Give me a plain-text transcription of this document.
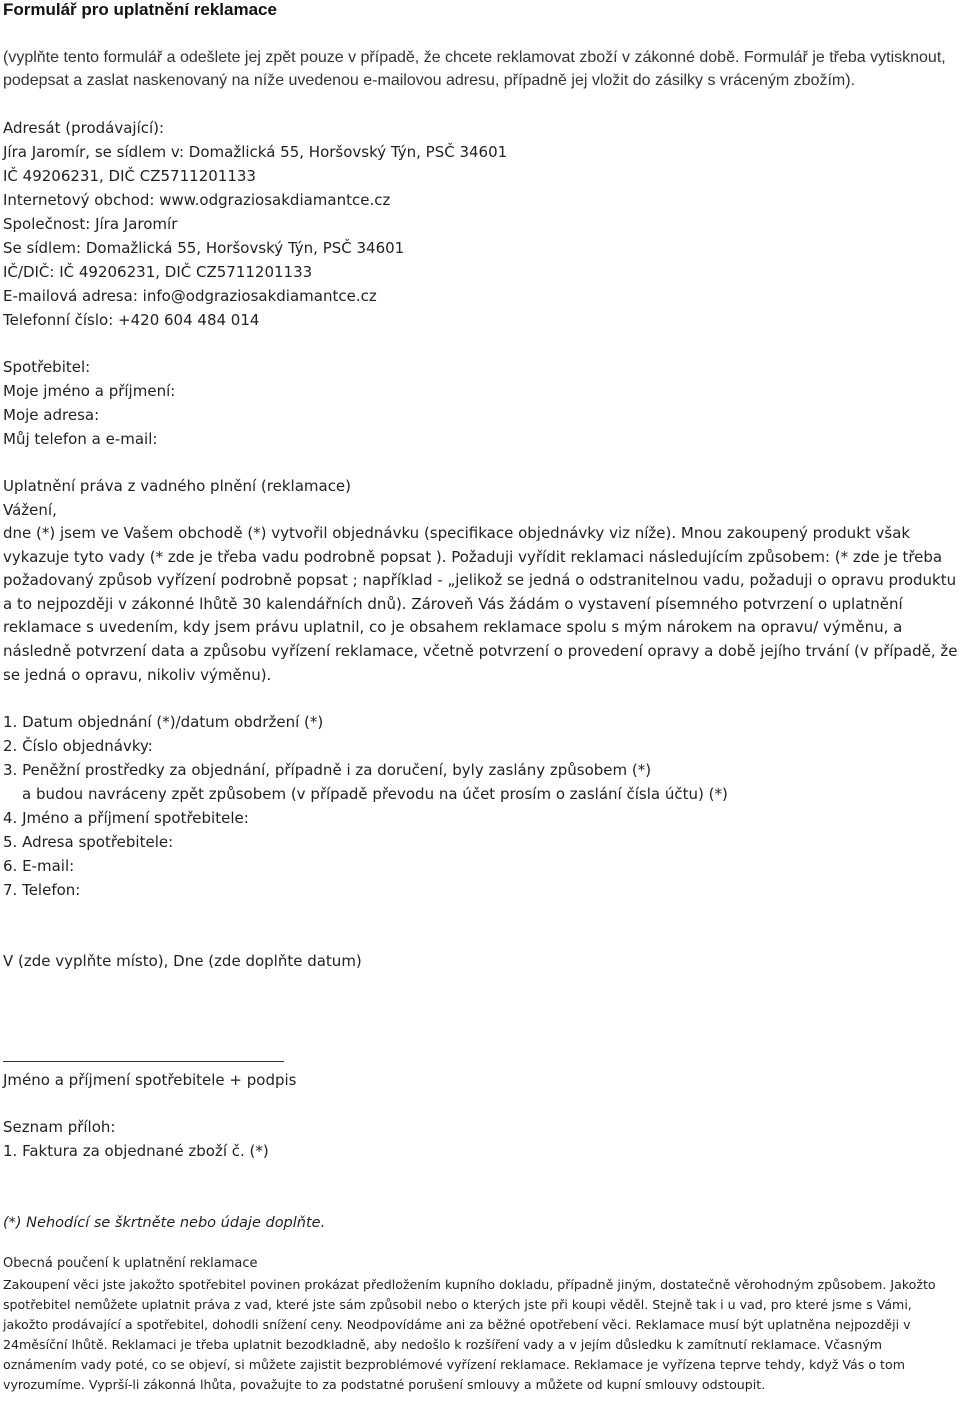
Formulář pro uplatnění reklamace

(vyplňte tento formulář a odešlete jej zpět pouze v případě, že chcete reklamovat zboží v zákonné době. Formulář je třeba vytisknout, podepsat a zaslat naskenovaný na níže uvedenou e-mailovou adresu, případně jej vložit do zásilky s vráceným zbožím).

Adresát (prodávající):
Jíra Jaromír, se sídlem v: Domažlická 55, Horšovský Týn, PSČ 34601
IČ 49206231, DIČ CZ5711201133
Internetový obchod: www.odgraziosakdiamantce.cz
Společnost: Jíra Jaromír
Se sídlem: Domažlická 55, Horšovský Týn, PSČ 34601
IČ/DIČ: IČ 49206231, DIČ CZ5711201133
E-mailová adresa: info@odgraziosakdiamantce.cz
Telefonní číslo: +420 604 484 014
Spotřebitel:
Moje jméno a příjmení:
Moje adresa:
Můj telefon a e-mail:
Uplatnění práva z vadného plnění (reklamace)
Vážení,

dne (*) jsem ve Vašem obchodě (*) vytvořil objednávku (specifikace objednávky viz níže). Mnou zakoupený produkt však vykazuje tyto vady (* zde je třeba vadu podrobně popsat ). Požaduji vyřídit reklamaci následujícím způsobem: (* zde je třeba požadovaný způsob vyřízení podrobně popsat ; například - „jelikož se jedná o odstranitelnou vadu, požaduji o opravu produktu a to nejpozději v zákonné lhůtě 30 kalendářních dnů). Zároveň Vás žádám o vystavení písemného potvrzení o uplatnění reklamace s uvedením, kdy jsem právu uplatnil, co je obsahem reklamace spolu s mým nárokem na opravu/ výměnu, a následně potvrzení data a způsobu vyřízení reklamace, včetně potvrzení o provedení opravy a době jejího trvání (v případě, že se jedná o opravu, nikoliv výměnu).

1. Datum objednání (*)/datum obdržení (*)
2. Číslo objednávky:
3. Peněžní prostředky za objednání, případně i za doručení, byly zaslány způsobem (*)
a budou navráceny zpět způsobem (v případě převodu na účet prosím o zaslání čísla účtu) (*)
4. Jméno a příjmení spotřebitele:
5. Adresa spotřebitele:
6. E-mail:
7. Telefon:
V (zde vyplňte místo), Dne (zde doplňte datum)
Jméno a příjmení spotřebitele + podpis
Seznam příloh:
1. Faktura za objednané zboží č. (*)
(*) Nehodící se škrtněte nebo údaje doplňte.
Obecná poučení k uplatnění reklamace

Zakoupení věci jste jakožto spotřebitel povinen prokázat předložením kupního dokladu, případně jiným, dostatečně věrohodným způsobem. Jakožto spotřebitel nemůžete uplatnit práva z vad, které jste sám způsobil nebo o kterých jste při koupi věděl. Stejně tak i u vad, pro které jsme s Vámi, jakožto prodávající a spotřebitel, dohodli snížení ceny. Neodpovídáme ani za běžné opotřebení věci. Reklamace musí být uplatněna nejpozději v 24měsíční lhůtě. Reklamaci je třeba uplatnit bezodkladně, aby nedošlo k rozšíření vady a v jejím důsledku k zamítnutí reklamace. Včasným oznámením vady poté, co se objeví, si můžete zajistit bezproblémové vyřízení reklamace. Reklamace je vyřízena teprve tehdy, když Vás o tom vyrozumíme. Vyprší-li zákonná lhůta, považujte to za podstatné porušení smlouvy a můžete od kupní smlouvy odstoupit.
